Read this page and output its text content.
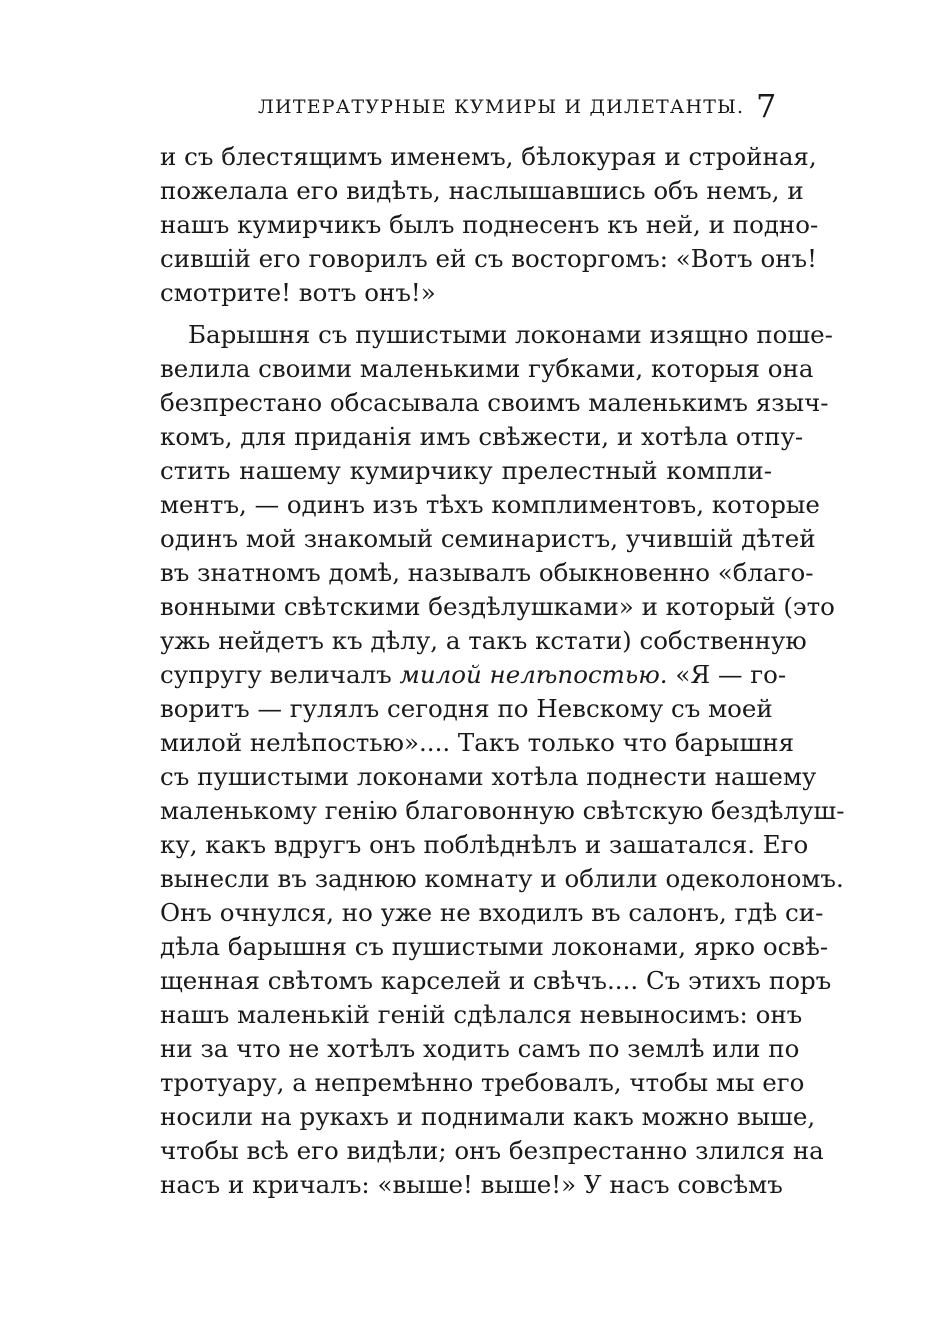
ЛИТЕРАТУРНЫЕ КУМИРЫ И ДИЛЕТАНТЫ. 7
и съ блестящимъ именемъ, бѣлокурая и стройная,
пожелала его видѣть, наслышавшись объ немъ, и
нашъ кумирчикъ былъ поднесенъ къ ней, и подно-
сившій его говорилъ ей съ восторгомъ: «Вотъ онъ!
смотрите! вотъ онъ!»
Барышня съ пушистыми локонами изящно поше-
велила своими маленькими губками, которыя она
безпрестано обсасывала своимъ маленькимъ языч-
комъ, для приданія имъ свѣжести, и хотѣла отпу-
стить нашему кумирчику прелестный компли-
ментъ, — одинъ изъ тѣхъ комплиментовъ, которые
одинъ мой знакомый семинаристъ, учившій дѣтей
въ знатномъ домѣ, называлъ обыкновенно «благо-
вонными свѣтскими бездѣлушками» и который (это
ужь нейдетъ къ дѣлу, а такъ кстати) собственную
супругу величалъ милой нелѣпостью. «Я — го-
воритъ — гулялъ сегодня по Невскому съ моей
милой нелѣпостью».... Такъ только что барышня
съ пушистыми локонами хотѣла поднести нашему
маленькому генію благовонную свѣтскую бездѣлуш-
ку, какъ вдругъ онъ поблѣднѣлъ и зашатался. Его
вынесли въ заднюю комнату и облили одеколономъ.
Онъ очнулся, но уже не входилъ въ салонъ, гдѣ си-
дѣла барышня съ пушистыми локонами, ярко освѣ-
щенная свѣтомъ карселей и свѣчъ.... Съ этихъ поръ
нашъ маленькій геній сдѣлался невыносимъ: онъ
ни за что не хотѣлъ ходить самъ по землѣ или по
тротуару, а непремѣнно требовалъ, чтобы мы его
носили на рукахъ и поднимали какъ можно выше,
чтобы всѣ его видѣли; онъ безпрестанно злился на
насъ и кричалъ: «выше! выше!» У насъ совсѣмъ
